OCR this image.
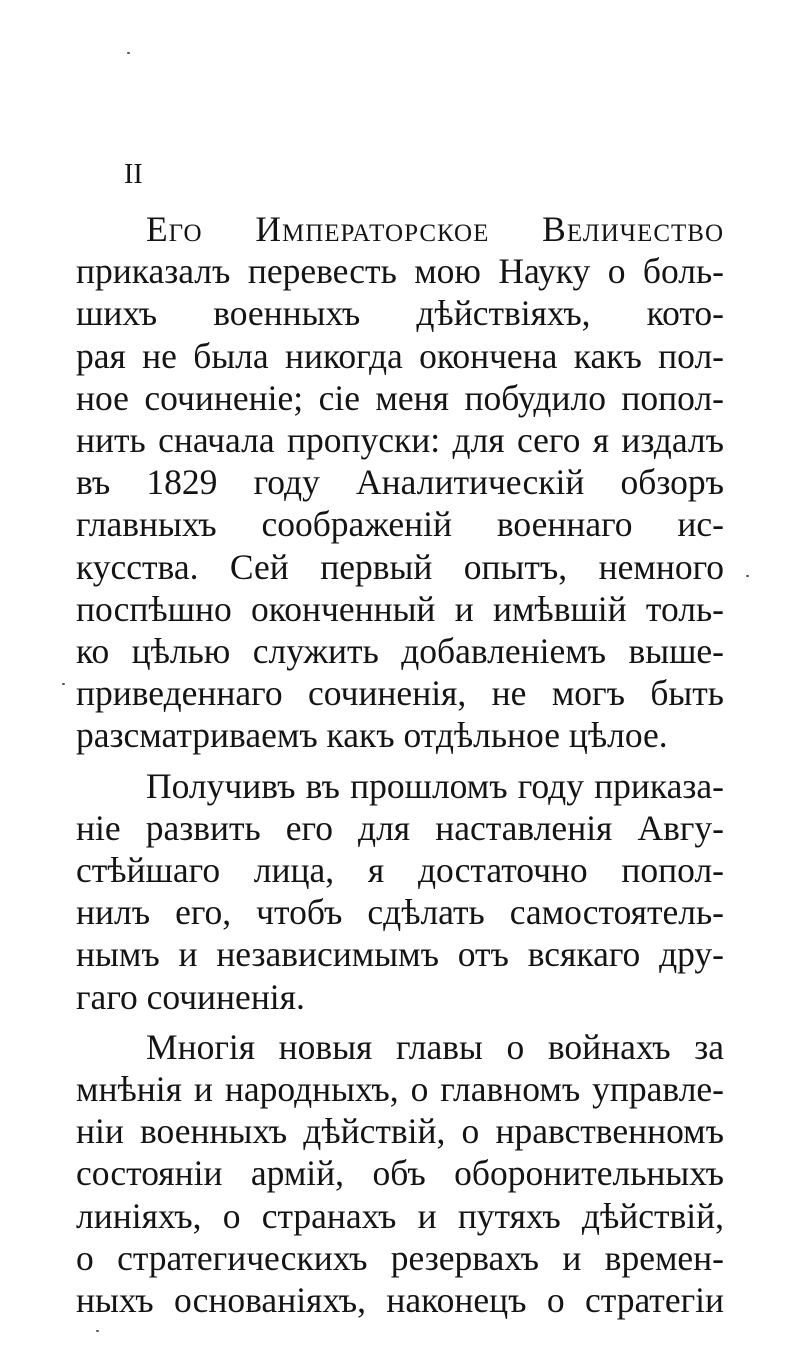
II

Его Императорское Величество
приказалъ перевесть мою Науку о боль-
шихъ военныхъ дѣйствіяхъ, кото-
рая не была никогда окончена какъ пол-
ное сочиненіе; сіе меня побудило попол-
нить сначала пропуски: для сего я издалъ
въ 1829 году Аналитическій обзоръ
главныхъ соображеній военнаго ис-
кусства. Сей первый опытъ, немного
поспѣшно оконченный и имѣвшій толь-
ко цѣлью служить добавленіемъ выше-
приведеннаго сочиненія, не могъ быть
разсматриваемъ какъ отдѣльное цѣлое.

Получивъ въ прошломъ году приказа-
ніе развить его для наставленія Авгу-
стѣйшаго лица, я достаточно попол-
нилъ его, чтобъ сдѣлать самостоятель-
нымъ и независимымъ отъ всякаго дру-
гаго сочиненія.

Многія новыя главы о войнахъ за
мнѣнія и народныхъ, о главномъ управле-
ніи военныхъ дѣйствій, о нравственномъ
состояніи армій, объ оборонительныхъ
линіяхъ, о странахъ и путяхъ дѣйствій,
о стратегическихъ резервахъ и времен-
ныхъ основаніяхъ, наконецъ о стратегіи
